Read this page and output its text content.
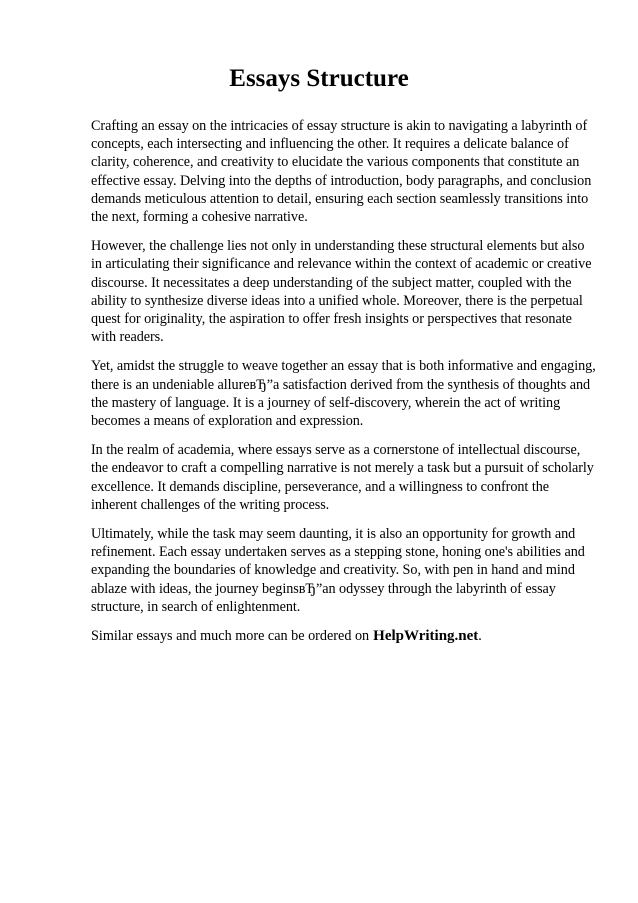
Essays Structure

Crafting an essay on the intricacies of essay structure is akin to navigating a labyrinth of concepts, each intersecting and influencing the other. It requires a delicate balance of clarity, coherence, and creativity to elucidate the various components that constitute an effective essay. Delving into the depths of introduction, body paragraphs, and conclusion demands meticulous attention to detail, ensuring each section seamlessly transitions into the next, forming a cohesive narrative.

However, the challenge lies not only in understanding these structural elements but also in articulating their significance and relevance within the context of academic or creative discourse. It necessitates a deep understanding of the subject matter, coupled with the ability to synthesize diverse ideas into a unified whole. Moreover, there is the perpetual quest for originality, the aspiration to offer fresh insights or perspectives that resonate with readers.

Yet, amidst the struggle to weave together an essay that is both informative and engaging, there is an undeniable allureвЂ”a satisfaction derived from the synthesis of thoughts and the mastery of language. It is a journey of self-discovery, wherein the act of writing becomes a means of exploration and expression.

In the realm of academia, where essays serve as a cornerstone of intellectual discourse, the endeavor to craft a compelling narrative is not merely a task but a pursuit of scholarly excellence. It demands discipline, perseverance, and a willingness to confront the inherent challenges of the writing process.

Ultimately, while the task may seem daunting, it is also an opportunity for growth and refinement. Each essay undertaken serves as a stepping stone, honing one's abilities and expanding the boundaries of knowledge and creativity. So, with pen in hand and mind ablaze with ideas, the journey beginsвЂ”an odyssey through the labyrinth of essay structure, in search of enlightenment.

Similar essays and much more can be ordered on HelpWriting.net.
